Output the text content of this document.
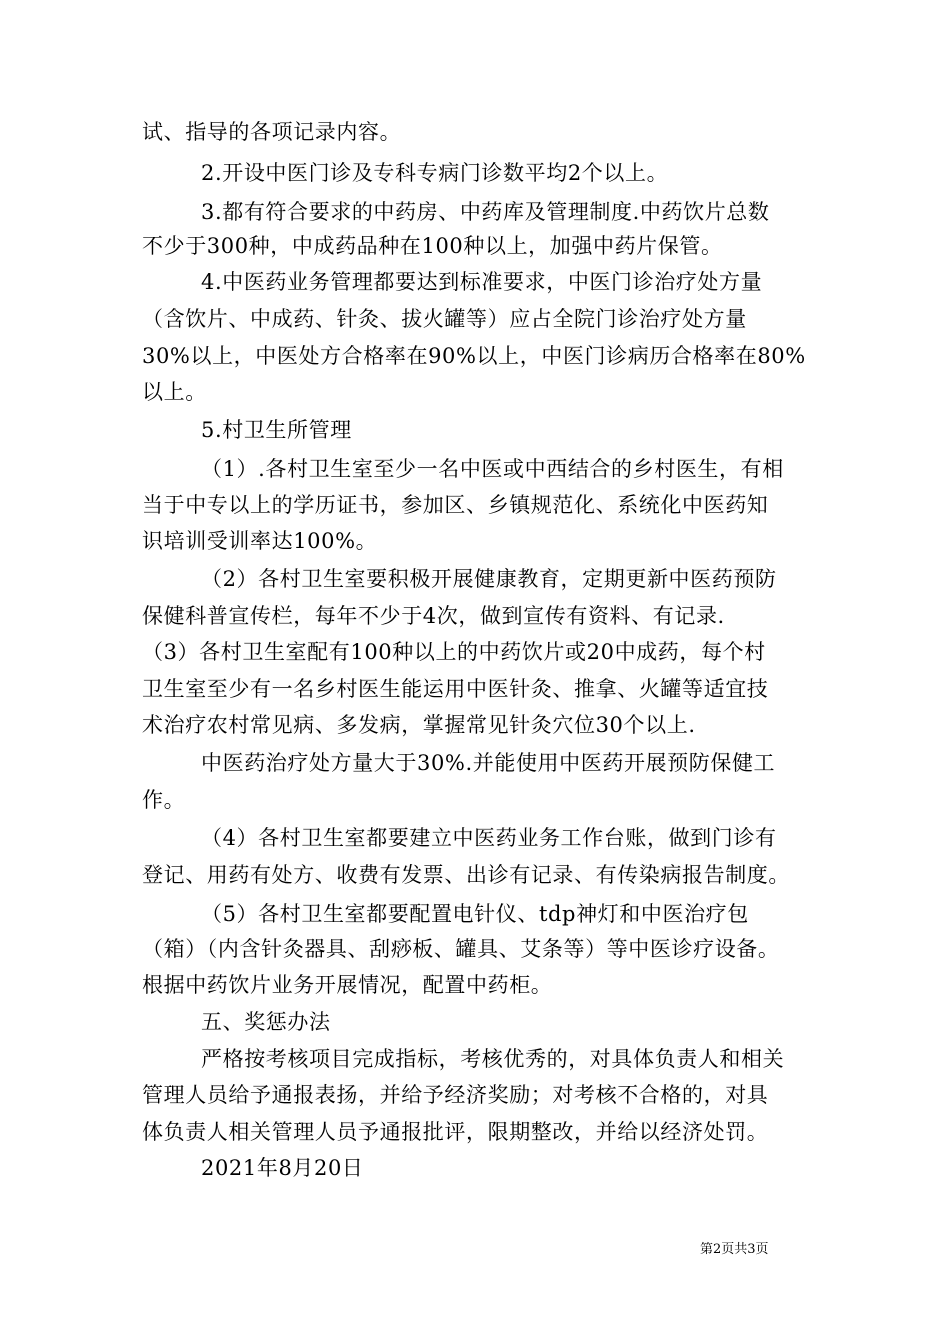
试、指导的各项记录内容。
2.开设中医门诊及专科专病门诊数平均2个以上。
3.都有符合要求的中药房、中药库及管理制度.中药饮片总数
不少于300种，中成药品种在100种以上，加强中药片保管。
4.中医药业务管理都要达到标准要求，中医门诊治疗处方量
（含饮片、中成药、针灸、拔火罐等）应占全院门诊治疗处方量
30%以上，中医处方合格率在90%以上，中医门诊病历合格率在80%
以上。
5.村卫生所管理
（1）.各村卫生室至少一名中医或中西结合的乡村医生，有相
当于中专以上的学历证书，参加区、乡镇规范化、系统化中医药知
识培训受训率达100%。
（2）各村卫生室要积极开展健康教育，定期更新中医药预防
保健科普宣传栏，每年不少于4次，做到宣传有资料、有记录.
（3）各村卫生室配有100种以上的中药饮片或20中成药，每个村
卫生室至少有一名乡村医生能运用中医针灸、推拿、火罐等适宜技
术治疗农村常见病、多发病，掌握常见针灸穴位30个以上.
中医药治疗处方量大于30%.并能使用中医药开展预防保健工
作。
（4）各村卫生室都要建立中医药业务工作台账，做到门诊有
登记、用药有处方、收费有发票、出诊有记录、有传染病报告制度。
（5）各村卫生室都要配置电针仪、tdp神灯和中医治疗包
（箱）（内含针灸器具、刮痧板、罐具、艾条等）等中医诊疗设备。
根据中药饮片业务开展情况，配置中药柜。
五、奖惩办法
严格按考核项目完成指标，考核优秀的，对具体负责人和相关
管理人员给予通报表扬，并给予经济奖励；对考核不合格的，对具
体负责人相关管理人员予通报批评，限期整改，并给以经济处罚。
2021年8月20日
第2页共3页
